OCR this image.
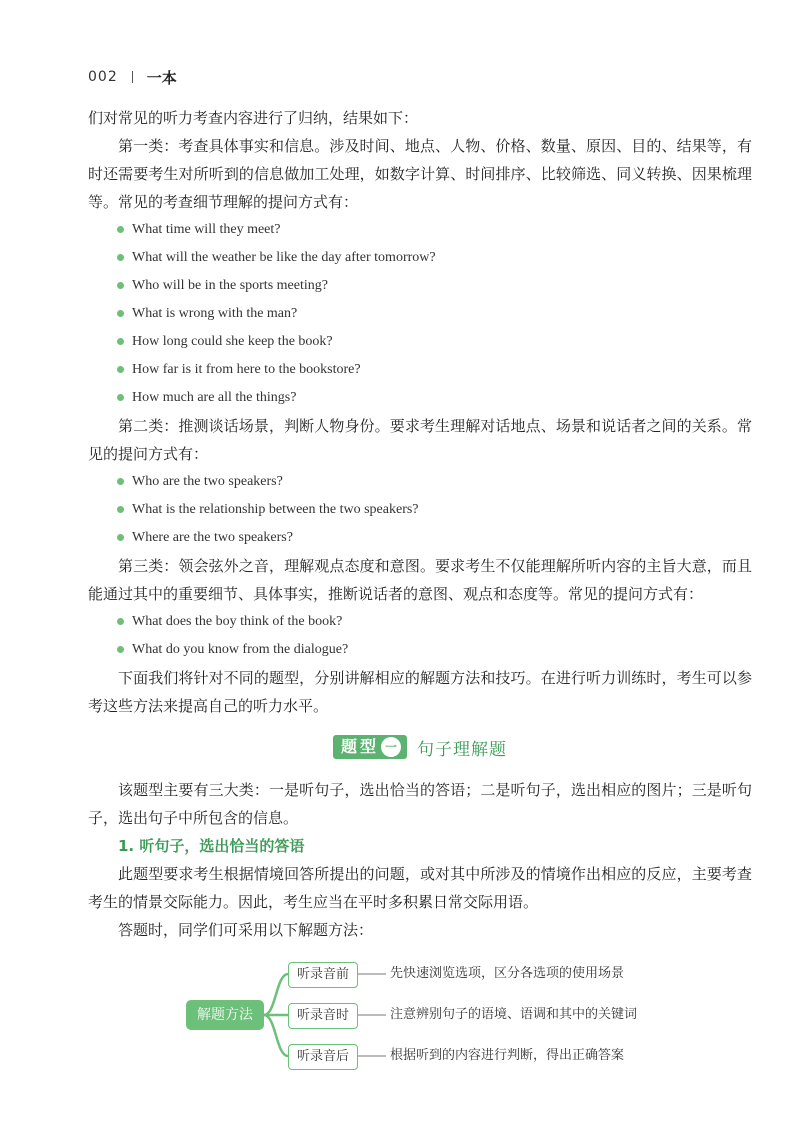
002 一本

们对常见的听力考查内容进行了归纳，结果如下：

第一类：考查具体事实和信息。涉及时间、地点、人物、价格、数量、原因、目的、结果等，有时还需要考生对所听到的信息做加工处理，如数字计算、时间排序、比较筛选、同义转换、因果梳理等。常见的考查细节理解的提问方式有：

What time will they meet?
What will the weather be like the day after tomorrow?
Who will be in the sports meeting?
What is wrong with the man?
How long could she keep the book?
How far is it from here to the bookstore?
How much are all the things?

第二类：推测谈话场景，判断人物身份。要求考生理解对话地点、场景和说话者之间的关系。常见的提问方式有：

Who are the two speakers?
What is the relationship between the two speakers?
Where are the two speakers?

第三类：领会弦外之音，理解观点态度和意图。要求考生不仅能理解所听内容的主旨大意，而且能通过其中的重要细节、具体事实，推断说话者的意图、观点和态度等。常见的提问方式有：

What does the boy think of the book?
What do you know from the dialogue?

下面我们将针对不同的题型，分别讲解相应的解题方法和技巧。在进行听力训练时，考生可以参考这些方法来提高自己的听力水平。

题型 一 句子理解题

该题型主要有三大类：一是听句子，选出恰当的答语；二是听句子，选出相应的图片；三是听句子，选出句子中所包含的信息。

1. 听句子，选出恰当的答语

此题型要求考生根据情境回答所提出的问题，或对其中所涉及的情境作出相应的反应，主要考查考生的情景交际能力。因此，考生应当在平时多积累日常交际用语。

答题时，同学们可采用以下解题方法：

解题方法
听录音前	先快速浏览选项，区分各选项的使用场景
听录音时	注意辨别句子的语境、语调和其中的关键词
听录音后	根据听到的内容进行判断，得出正确答案
